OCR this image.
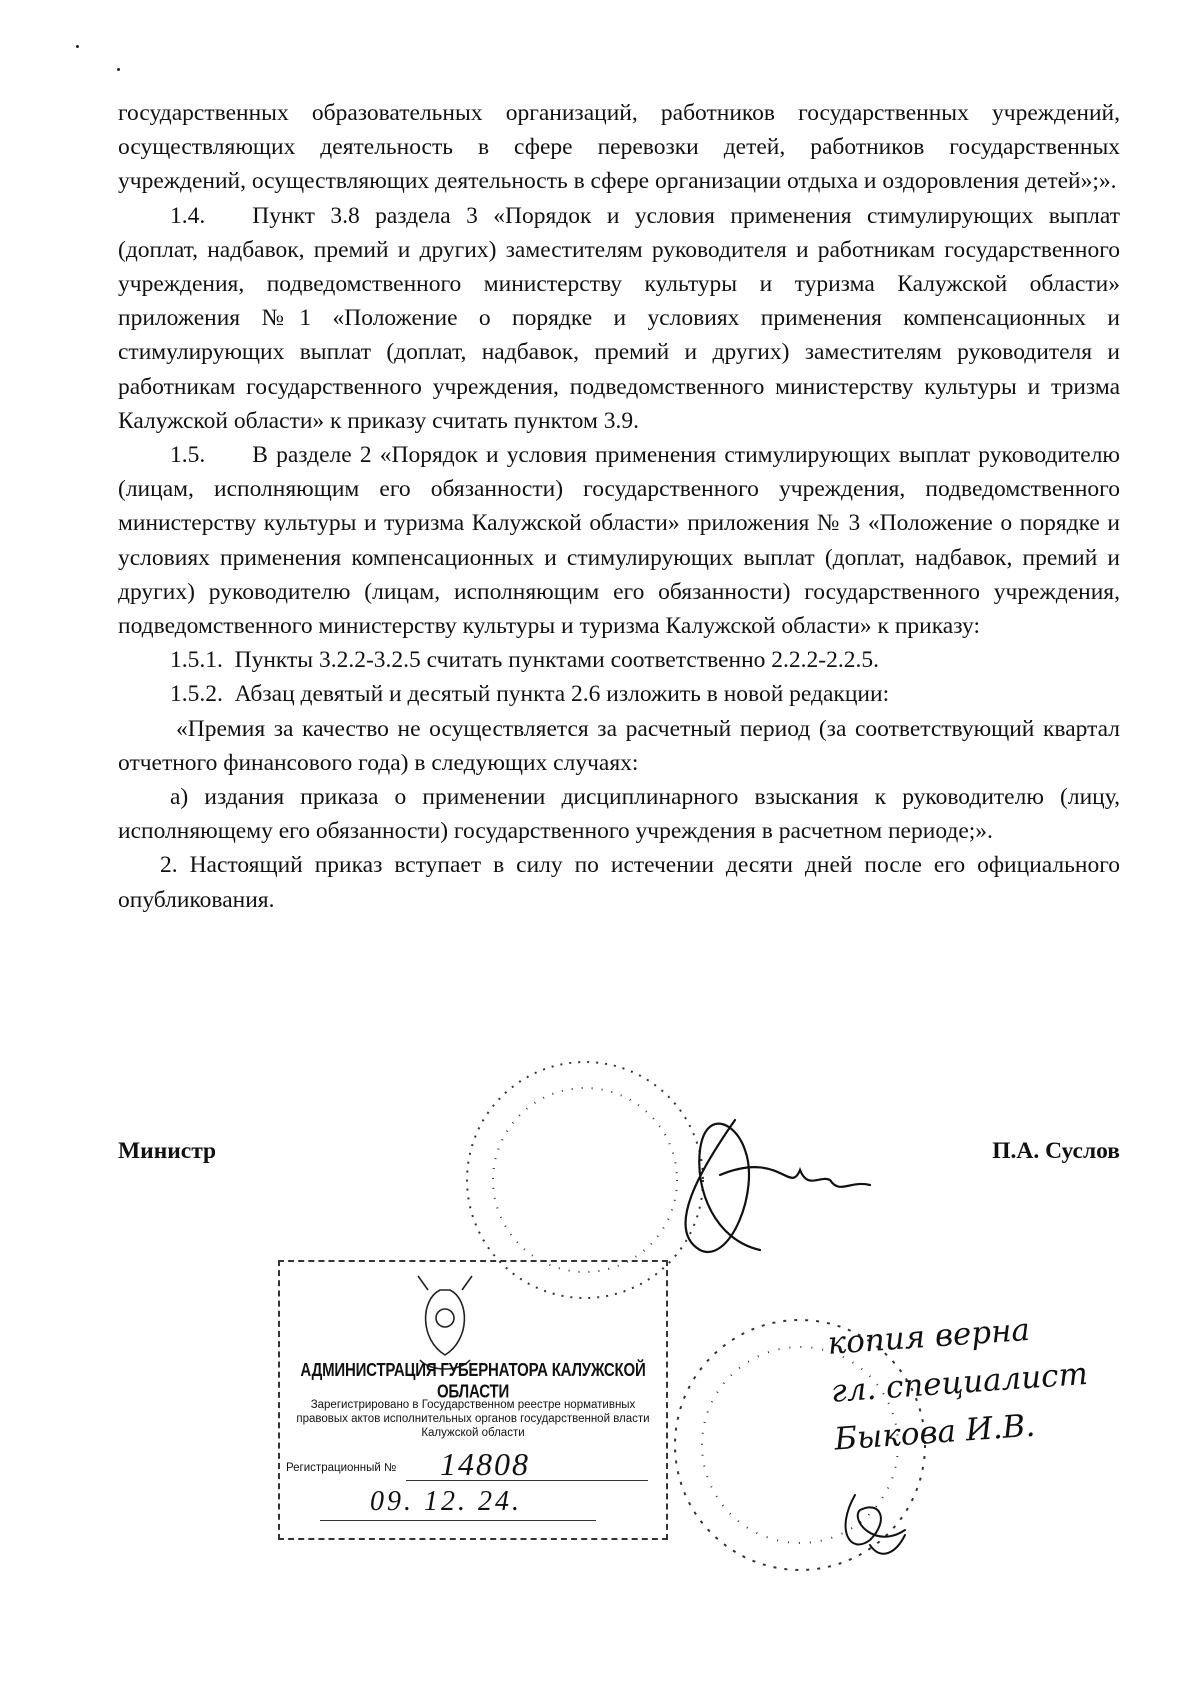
государственных образовательных организаций, работников государственных учреждений, осуществляющих деятельность в сфере перевозки детей, работников государственных учреждений, осуществляющих деятельность в сфере организации отдыха и оздоровления детей»;».

1.4.  Пункт 3.8 раздела 3 «Порядок и условия применения стимулирующих выплат (доплат, надбавок, премий и других) заместителям руководителя и работникам государственного учреждения, подведомственного министерству культуры и туризма Калужской области» приложения №1 «Положение о порядке и условиях применения компенсационных и стимулирующих выплат (доплат, надбавок, премий и других) заместителям руководителя и работникам государственного учреждения, подведомственного министерству культуры и тризма Калужской области» к приказу считать пунктом 3.9.

1.5.  В разделе 2 «Порядок и условия применения стимулирующих выплат руководителю (лицам, исполняющим его обязанности) государственного учреждения, подведомственного министерству культуры и туризма Калужской области» приложения № 3 «Положение о порядке и условиях применения компенсационных и стимулирующих выплат (доплат, надбавок, премий и других) руководителю (лицам, исполняющим его обязанности) государственного учреждения, подведомственного министерству культуры и туризма Калужской области» к приказу:

1.5.1. Пункты 3.2.2-3.2.5 считать пунктами соответственно 2.2.2-2.2.5.

1.5.2. Абзац девятый и десятый пункта 2.6 изложить в новой редакции:

«Премия за качество не осуществляется за расчетный период (за соответствующий квартал отчетного финансового года) в следующих случаях:

а) издания приказа о применении дисциплинарного взыскания к руководителю (лицу, исполняющему его обязанности) государственного учреждения в расчетном периоде;».

2. Настоящий приказ вступает в силу по истечении десяти дней после его официального опубликования.

Министр	П.А. Суслов
АДМИНИСТРАЦИЯ ГУБЕРНАТОРА КАЛУЖСКОЙ ОБЛАСТИ
Зарегистрировано в Государственном реестре нормативных правовых актов исполнительных органов государственной власти Калужской области
Регистрационный № 14808
09. 12. 24.
копия верна
гл. специалист
Быкова И.В.
